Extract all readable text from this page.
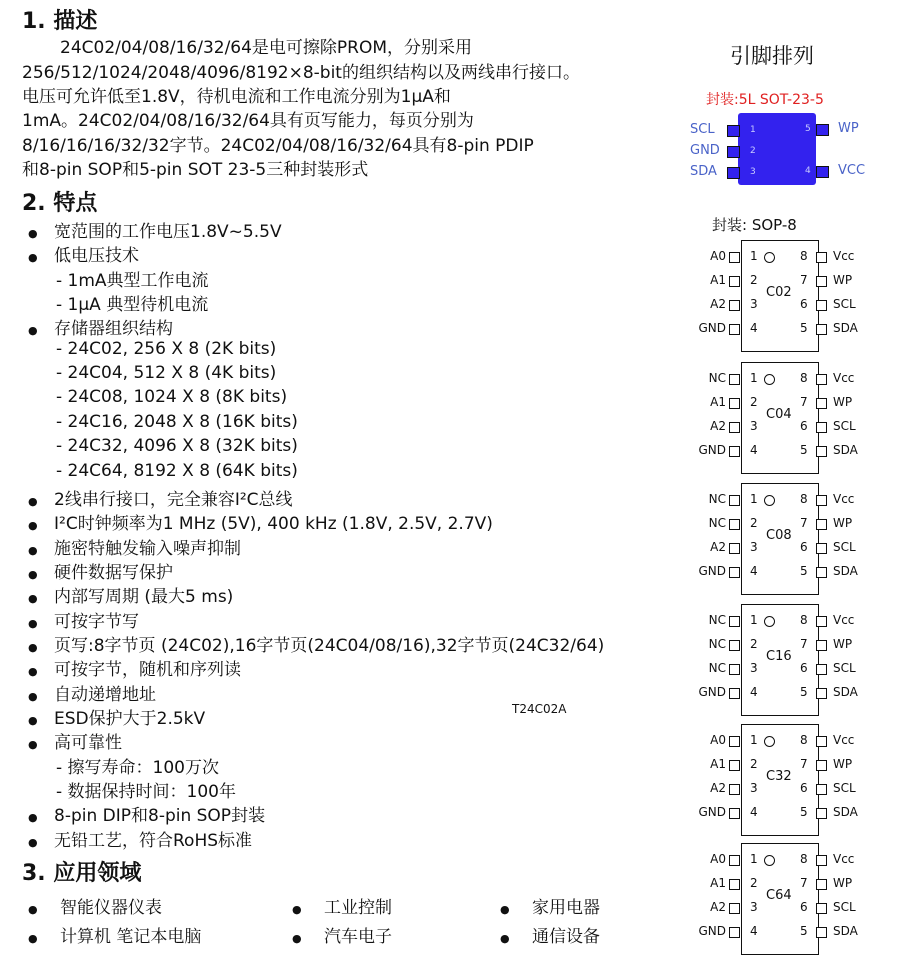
1. 描述
24C02/04/08/16/32/64是电可擦除PROM，分别采用
256/512/1024/2048/4096/8192×8-bit的组织结构以及两线串行接口。
电压可允许低至1.8V，待机电流和工作电流分别为1μA和
1mA。24C02/04/08/16/32/64具有页写能力，每页分别为
8/16/16/16/32/32字节。24C02/04/08/16/32/64具有8-pin PDIP
和8-pin SOP和5-pin SOT 23-5三种封装形式
2. 特点
● 宽范围的工作电压1.8V~5.5V
● 低电压技术
- 1mA典型工作电流
- 1μA 典型待机电流
● 存储器组织结构
- 24C02, 256 X 8 (2K bits)
- 24C04, 512 X 8 (4K bits)
- 24C08, 1024 X 8 (8K bits)
- 24C16, 2048 X 8 (16K bits)
- 24C32, 4096 X 8 (32K bits)
- 24C64, 8192 X 8 (64K bits)
● 2线串行接口，完全兼容I²C总线
● I²C时钟频率为1 MHz (5V), 400 kHz (1.8V, 2.5V, 2.7V)
● 施密特触发输入噪声抑制
● 硬件数据写保护
● 内部写周期 (最大5 ms)
● 可按字节写
● 页写:8字节页 (24C02),16字节页(24C04/08/16),32字节页(24C32/64)
● 可按字节，随机和序列读
● 自动递增地址
● ESD保护大于2.5kV
● 高可靠性
- 擦写寿命：100万次
- 数据保持时间：100年
● 8-pin DIP和8-pin SOP封装
● 无铅工艺，符合RoHS标准
T24C02A
3. 应用领域
● 智能仪器仪表	● 工业控制	● 家用电器
● 计算机 笔记本电脑	● 汽车电子	● 通信设备
引脚排列
封装:5L SOT-23-5
SCL	1
GND	2
SDA	3
WP
5
VCC
4
封装: SOP-8
C02
A0 1	8 Vcc
A1 2	7 WP
A2 3	6 SCL
GND 4	5 SDA
C04
NC 1	8 Vcc
A1 2	7 WP
A2 3	6 SCL
GND 4	5 SDA
C08
NC 1	8 Vcc
NC 2	7 WP
A2 3	6 SCL
GND 4	5 SDA
C16
NC 1	8 Vcc
NC 2	7 WP
NC 3	6 SCL
GND 4	5 SDA
C32
A0 1	8 Vcc
A1 2	7 WP
A2 3	6 SCL
GND 4	5 SDA
C64
A0 1	8 Vcc
A1 2	7 WP
A2 3	6 SCL
GND 4	5 SDA
